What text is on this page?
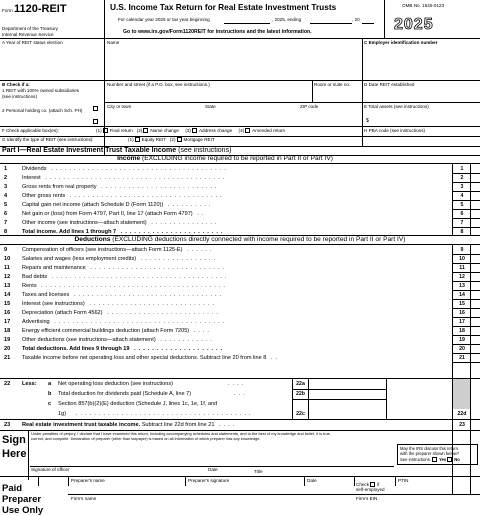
Form 1120-REIT
Department of the Treasury
Internal Revenue Service
U.S. Income Tax Return for Real Estate Investment Trusts
For calendar year 2025 or tax year beginning	, 2025, ending	, 20
Go to www.irs.gov/Form1120REIT for instructions and the latest information.
OMB No. 1545-0123
2025
A Year of REIT status election	Name	C Employer identification number
B Check if a:
1 REIT with 100% owned subsidiaries (see instructions)
2 Personal holding co. (attach Sch. PH)
Number and street (if a P.O. box, see instructions.)	Room or suite no.	D Date REIT established
City or town	State	ZIP code	E Total assets (see instructions)
$
F Check applicable box(es):	(1) Final return (2) Name change (3) Address change (4) Amended return	H PBA code (see instructions)
G Identify the type of REIT (see instructions):	(1) Equity REIT (2) Mortgage REIT
Part I—Real Estate Investment Trust Taxable Income (see instructions)
Income (EXCLUDING income required to be reported in Part II or Part IV)
1	Dividends .......................................	1
2	Interest ........................................	2
3	Gross rents from real property ..........................	3
4	Other gross rents ..................................	4
5	Capital gain net income (attach Schedule D (Form 1120)) ..........	5
6	Net gain or (loss) from Form 4797, Part II, line 17 (attach Form 4797) ..	6
7	Other income (see instructions—attach statement) ...............	7
8	Total income. Add lines 1 through 7 .......................	8
9	Compensation of officers (see instructions—attach Form 1125-E) ......	9
10 Salaries and wages (less employment credits) .................	10
11 Repairs and maintenance ..............................	11
12 Bad debts .......................................	12
13 Rents .........................................	13
14 Taxes and licenses .................................	14
15 Interest (see instructions) ............................	15
16 Depreciation (attach Form 4562) .........................	16
17 Advertising ......................................	17
18 Energy efficient commercial buildings deduction (attach Form 7205) ....	18
19 Other deductions (see instructions—attach statement) ............	19
20 Total deductions. Add lines 9 through 19 ....................	20
21 Taxable income before net operating loss and other special deductions. Subtract line 20 from line 8 ..	21
Deductions (EXCLUDING deductions directly connected with income required to be reported in Part II or Part IV)
22 Less: a Net operating loss deduction (see instructions)	....
b Total deduction for dividends paid (Schedule A, line 7)	...
c Section 857(b)(2)(E) deduction (Schedule J, lines 1c, 1e, 1f, and
1g) .......................................
22a
22b
22c	22d
23 Real estate investment trust taxable income. Subtract line 22d from line 21 ....	23
Sign
Here
Under penalties of perjury, I declare that I have examined this return, including accompanying schedules and statements, and to the best of my knowledge and belief, it is true,
correct, and complete. Declaration of preparer (other than taxpayer) is based on all information of which preparer has any knowledge.
May the IRS discuss this return
with the preparer shown below?
See instructions. Yes No
Signature of officer	Date	Title
Paid
Preparer
Use Only
Preparer's name	Preparer's signature	Date
Check if
self-employed
PTIN
Firm's name	Firm's EIN
